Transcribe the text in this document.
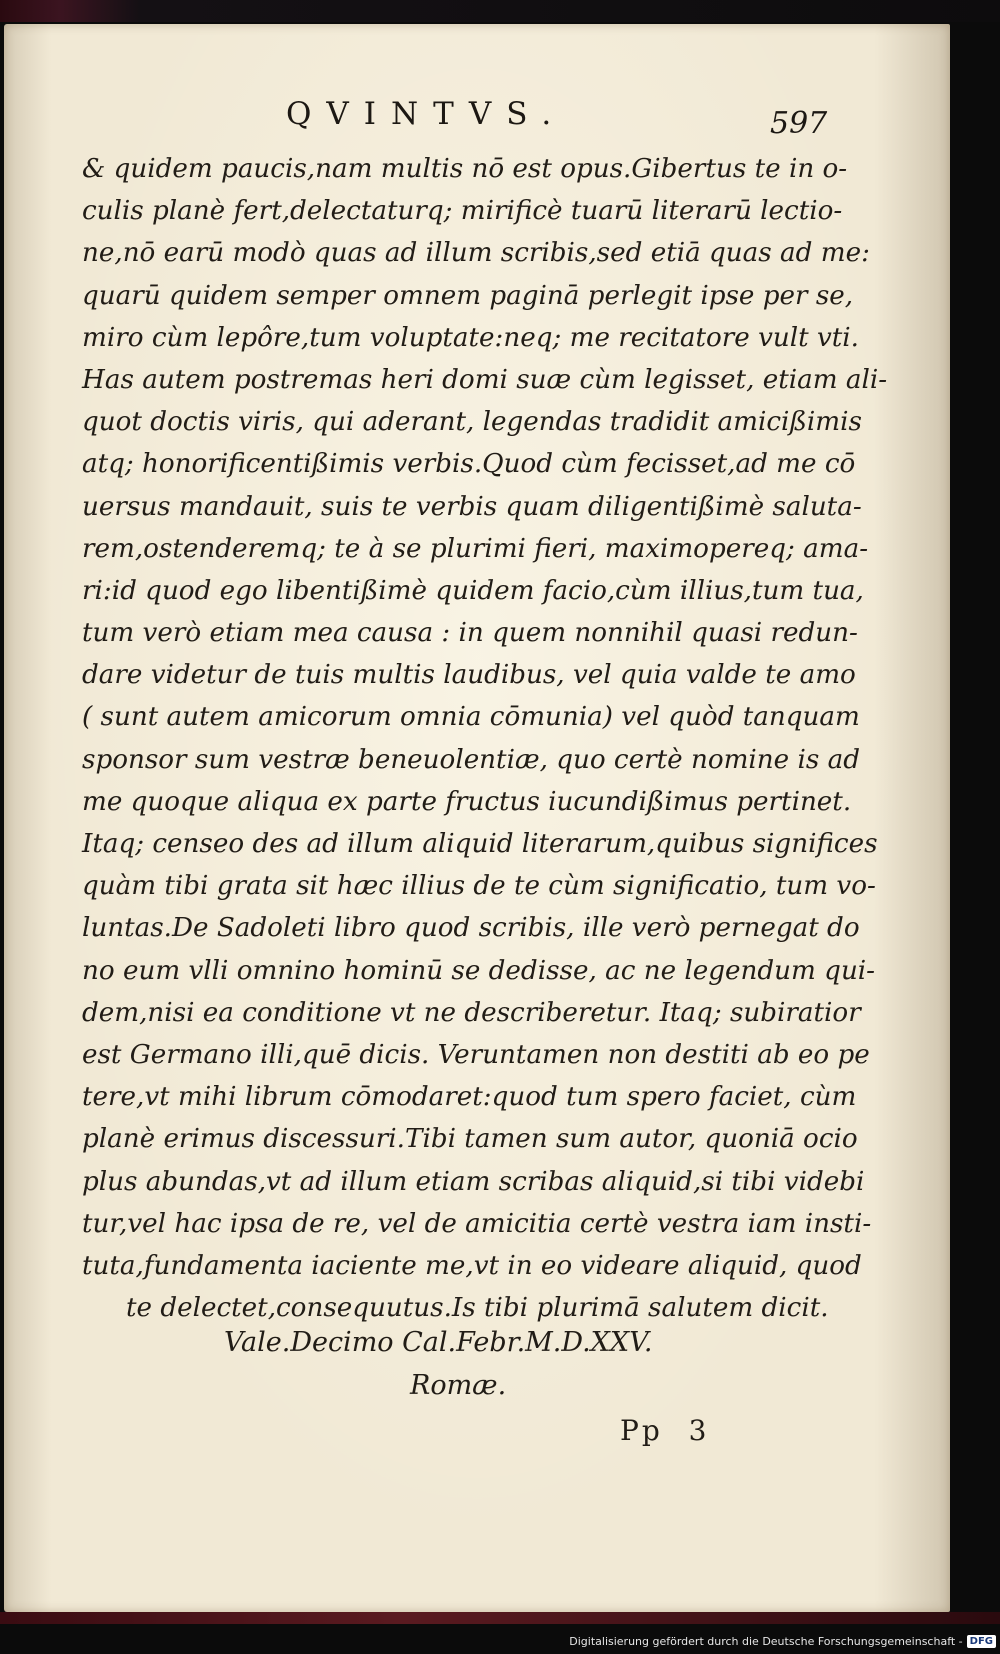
QVINTVS.	597
& quidem paucis,nam multis nō est opus.Gibertus te in o-
culis planè fert,delectaturq; mirificè tuarū literarū lectio-
ne,nō earū modò quas ad illum scribis,sed etiā quas ad me:
quarū quidem semper omnem paginā perlegit ipse per se,
miro cùm lepôre,tum voluptate:neq; me recitatore vult vti.
Has autem postremas heri domi suæ cùm legisset, etiam ali-
quot doctis viris, qui aderant, legendas tradidit amicißimis
atq; honorificentißimis verbis.Quod cùm fecisset,ad me cō
uersus mandauit, suis te verbis quam diligentißimè saluta-
rem,ostenderemq; te à se plurimi fieri, maximopereq; ama-
ri:id quod ego libentißimè quidem facio,cùm illius,tum tua,
tum verò etiam mea causa : in quem nonnihil quasi redun-
dare videtur de tuis multis laudibus, vel quia valde te amo
( sunt autem amicorum omnia cōmunia) vel quòd tanquam
sponsor sum vestræ beneuolentiæ, quo certè nomine is ad
me quoque aliqua ex parte fructus iucundißimus pertinet.
Itaq; censeo des ad illum aliquid literarum,quibus significes
quàm tibi grata sit hæc illius de te cùm significatio, tum vo-
luntas.De Sadoleti libro quod scribis, ille verò pernegat do
no eum vlli omnino hominū se dedisse, ac ne legendum qui-
dem,nisi ea conditione vt ne describeretur. Itaq; subiratior
est Germano illi,quē dicis. Veruntamen non destiti ab eo pe
tere,vt mihi librum cōmodaret:quod tum spero faciet, cùm
planè erimus discessuri.Tibi tamen sum autor, quoniā ocio
plus abundas,vt ad illum etiam scribas aliquid,si tibi videbi
tur,vel hac ipsa de re, vel de amicitia certè vestra iam insti-
tuta,fundamenta iaciente me,vt in eo videare aliquid, quod
te delectet,consequutus.Is tibi plurimā salutem dicit.
Vale.Decimo Cal.Febr.M.D.XXV.
Romæ.
Pp 3
Digitalisierung gefördert durch die Deutsche Forschungsgemeinschaft - DFG
